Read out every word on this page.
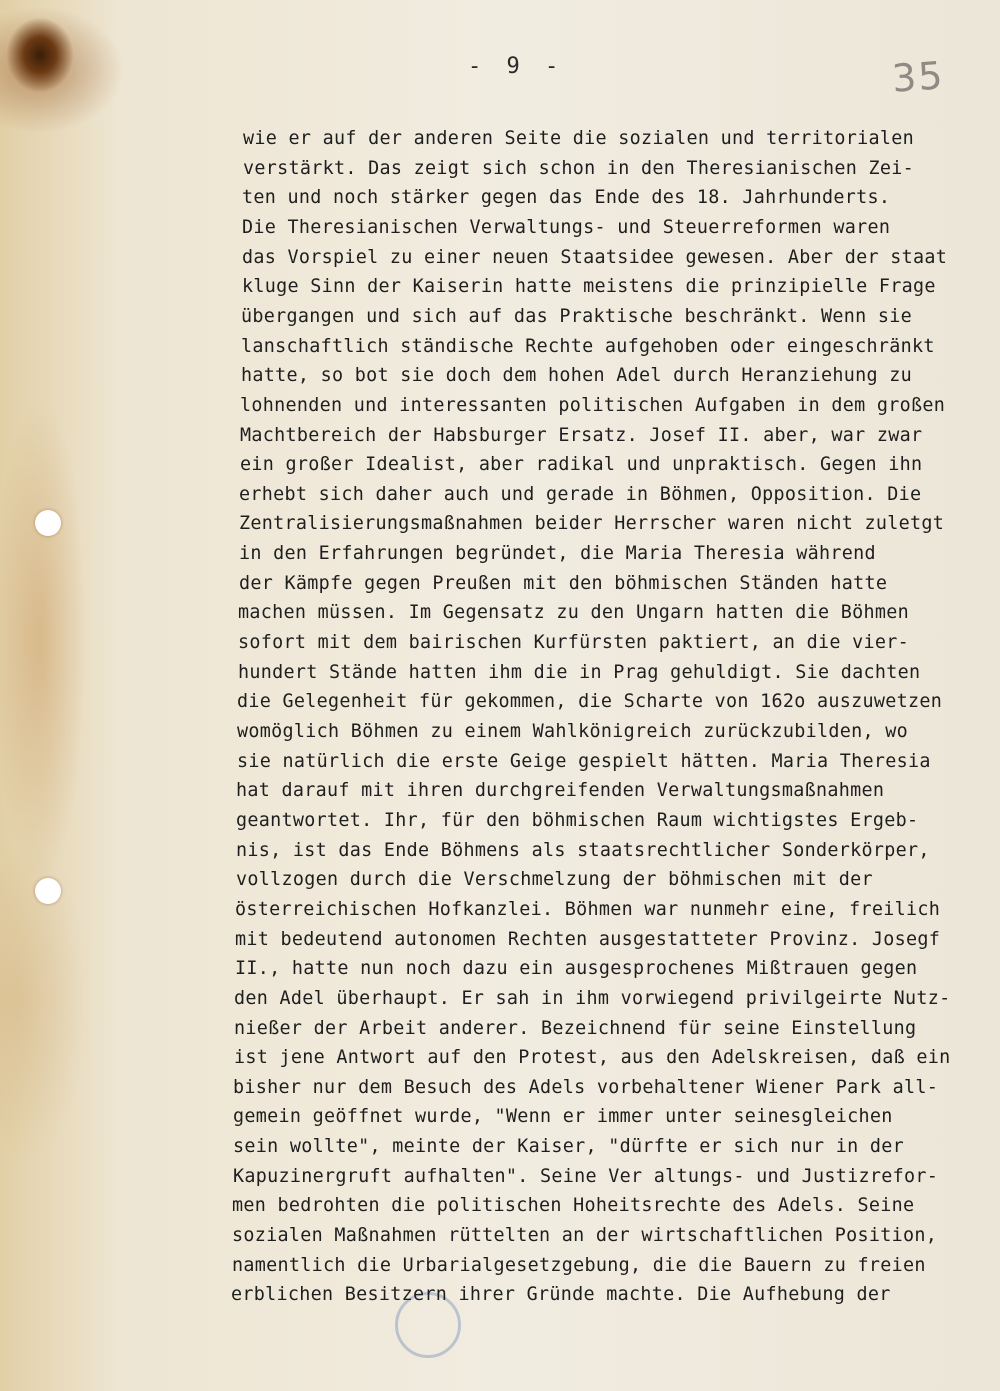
- 9 -	35
wie er auf der anderen Seite die sozialen und territorialen
verstärkt. Das zeigt sich schon in den Theresianischen Zei-
ten und noch stärker gegen das Ende des 18. Jahrhunderts.
Die Theresianischen Verwaltungs- und Steuerreformen waren
das Vorspiel zu einer neuen Staatsidee gewesen. Aber der staat
kluge Sinn der Kaiserin hatte meistens die prinzipielle Frage
übergangen und sich auf das Praktische beschränkt. Wenn sie
lanschaftlich ständische Rechte aufgehoben oder eingeschränkt
hatte, so bot sie doch dem hohen Adel durch Heranziehung zu
lohnenden und interessanten politischen Aufgaben in dem großen
Machtbereich der Habsburger Ersatz. Josef II. aber, war zwar
ein großer Idealist, aber radikal und unpraktisch. Gegen ihn
erhebt sich daher auch und gerade in Böhmen, Opposition. Die
Zentralisierungsmaßnahmen beider Herrscher waren nicht zuletgt
in den Erfahrungen begründet, die Maria Theresia während
der Kämpfe gegen Preußen mit den böhmischen Ständen hatte
machen müssen. Im Gegensatz zu den Ungarn hatten die Böhmen
sofort mit dem bairischen Kurfürsten paktiert, an die vier-
hundert Stände hatten ihm die in Prag gehuldigt. Sie dachten
die Gelegenheit für gekommen, die Scharte von 162o auszuwetzen
womöglich Böhmen zu einem Wahlkönigreich zurückzubilden, wo
sie natürlich die erste Geige gespielt hätten. Maria Theresia
hat darauf mit ihren durchgreifenden Verwaltungsmaßnahmen
geantwortet. Ihr, für den böhmischen Raum wichtigstes Ergeb-
nis, ist das Ende Böhmens als staatsrechtlicher Sonderkörper,
vollzogen durch die Verschmelzung der böhmischen mit der
österreichischen Hofkanzlei. Böhmen war nunmehr eine, freilich
mit bedeutend autonomen Rechten ausgestatteter Provinz. Josegf
II., hatte nun noch dazu ein ausgesprochenes Mißtrauen gegen
den Adel überhaupt. Er sah in ihm vorwiegend privilgeirte Nutz-
nießer der Arbeit anderer. Bezeichnend für seine Einstellung
ist jene Antwort auf den Protest, aus den Adelskreisen, daß ein
bisher nur dem Besuch des Adels vorbehaltener Wiener Park all-
gemein geöffnet wurde, "Wenn er immer unter seinesgleichen
sein wollte", meinte der Kaiser, "dürfte er sich nur in der
Kapuzinergruft aufhalten". Seine Ver altungs- und Justizrefor-
men bedrohten die politischen Hoheitsrechte des Adels. Seine
sozialen Maßnahmen rüttelten an der wirtschaftlichen Position,
namentlich die Urbarialgesetzgebung, die die Bauern zu freien
erblichen Besitzern ihrer Gründe machte. Die Aufhebung der
